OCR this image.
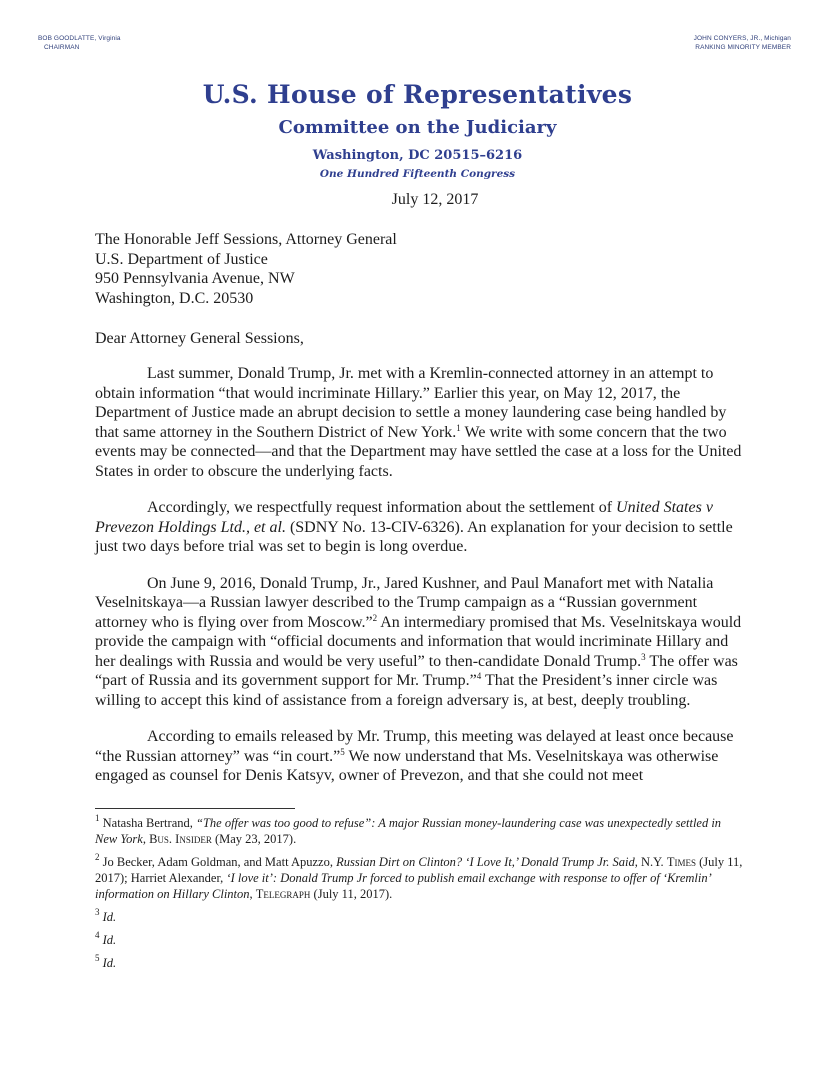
BOB GOODLATTE, Virginia
CHAIRMAN
JOHN CONYERS, JR., Michigan
RANKING MINORITY MEMBER
U.S. House of Representatives
Committee on the Judiciary
Washington, DC 20515–6216
One Hundred Fifteenth Congress
July 12, 2017
The Honorable Jeff Sessions, Attorney General
U.S. Department of Justice
950 Pennsylvania Avenue, NW
Washington, D.C. 20530
Dear Attorney General Sessions,

Last summer, Donald Trump, Jr. met with a Kremlin-connected attorney in an attempt to obtain information “that would incriminate Hillary.” Earlier this year, on May 12, 2017, the Department of Justice made an abrupt decision to settle a money laundering case being handled by that same attorney in the Southern District of New York.$^1$ We write with some concern that the two events may be connected—and that the Department may have settled the case at a loss for the United States in order to obscure the underlying facts.

Accordingly, we respectfully request information about the settlement of United States v Prevezon Holdings Ltd., et al. (SDNY No. 13-CIV-6326). An explanation for your decision to settle just two days before trial was set to begin is long overdue.

On June 9, 2016, Donald Trump, Jr., Jared Kushner, and Paul Manafort met with Natalia Veselnitskaya—a Russian lawyer described to the Trump campaign as a “Russian government attorney who is flying over from Moscow.”$^2$ An intermediary promised that Ms. Veselnitskaya would provide the campaign with “official documents and information that would incriminate Hillary and her dealings with Russia and would be very useful” to then-candidate Donald Trump.$^3$ The offer was “part of Russia and its government support for Mr. Trump.”$^4$ That the President’s inner circle was willing to accept this kind of assistance from a foreign adversary is, at best, deeply troubling.

According to emails released by Mr. Trump, this meeting was delayed at least once because “the Russian attorney” was “in court.”$^5$ We now understand that Ms. Veselnitskaya was otherwise engaged as counsel for Denis Katsyv, owner of Prevezon, and that she could not meet

$^1$ Natasha Bertrand, “The offer was too good to refuse”: A major Russian money-laundering case was unexpectedly settled in New York, Bus. Insider (May 23, 2017).
$^2$ Jo Becker, Adam Goldman, and Matt Apuzzo, Russian Dirt on Clinton? ‘I Love It,’ Donald Trump Jr. Said, N.Y. Times (July 11, 2017); Harriet Alexander, ‘I love it’: Donald Trump Jr forced to publish email exchange with response to offer of ‘Kremlin’ information on Hillary Clinton, Telegraph (July 11, 2017).
$^3$ Id.
$^4$ Id.
$^5$ Id.
